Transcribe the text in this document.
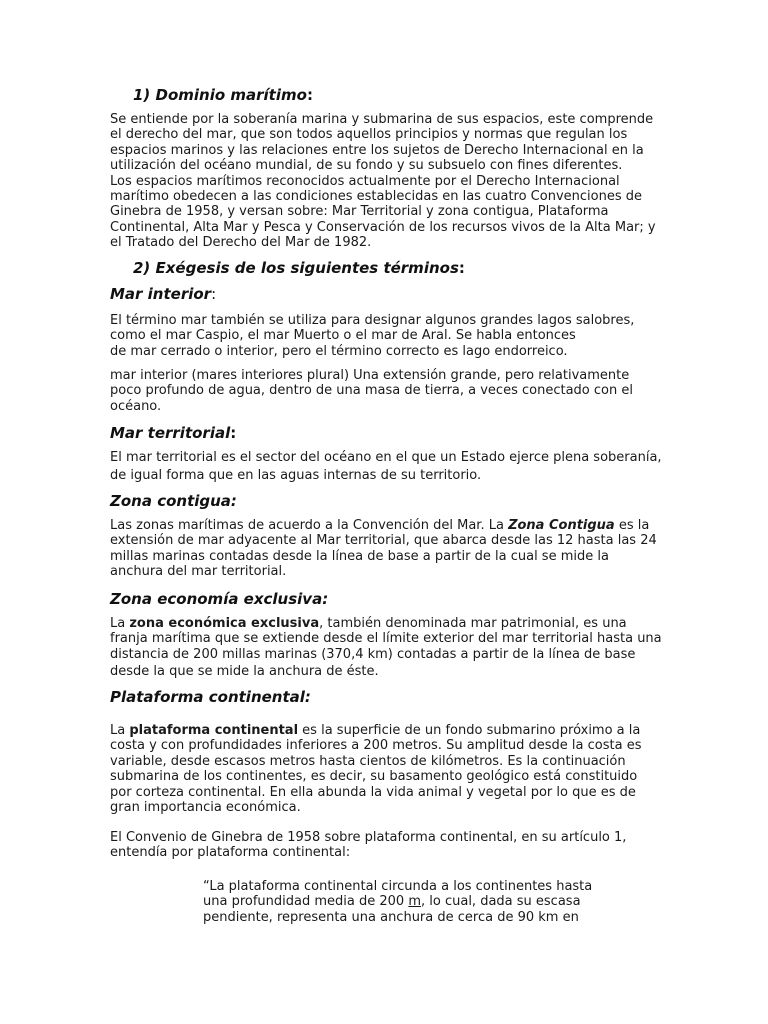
1) Dominio marítimo:
Se entiende por la soberanía marina y submarina de sus espacios, este comprende
el derecho del mar, que son todos aquellos principios y normas que regulan los
espacios marinos y las relaciones entre los sujetos de Derecho Internacional en la
utilización del océano mundial, de su fondo y su subsuelo con fines diferentes.
Los espacios marítimos reconocidos actualmente por el Derecho Internacional
marítimo obedecen a las condiciones establecidas en las cuatro Convenciones de
Ginebra de 1958, y versan sobre: Mar Territorial y zona contigua, Plataforma
Continental, Alta Mar y Pesca y Conservación de los recursos vivos de la Alta Mar; y
el Tratado del Derecho del Mar de 1982.
2) Exégesis de los siguientes términos:
Mar interior:
El término mar también se utiliza para designar algunos grandes lagos salobres,
como el mar Caspio, el mar Muerto o el mar de Aral. Se habla entonces
de mar cerrado o interior, pero el término correcto es lago endorreico.
mar interior (mares interiores plural) Una extensión grande, pero relativamente
poco profundo de agua, dentro de una masa de tierra, a veces conectado con el
océano.
Mar territorial:
El mar territorial es el sector del océano en el que un Estado ejerce plena soberanía,
de igual forma que en las aguas internas de su territorio.
Zona contigua:
Las zonas marítimas de acuerdo a la Convención del Mar. La Zona Contigua es la
extensión de mar adyacente al Mar territorial, que abarca desde las 12 hasta las 24
millas marinas contadas desde la línea de base a partir de la cual se mide la
anchura del mar territorial.
Zona economía exclusiva:
La zona económica exclusiva, también denominada mar patrimonial, es una
franja marítima que se extiende desde el límite exterior del mar territorial hasta una
distancia de 200 millas marinas (370,4 km) contadas a partir de la línea de base
desde la que se mide la anchura de éste.
Plataforma continental:
La plataforma continental es la superficie de un fondo submarino próximo a la
costa y con profundidades inferiores a 200 metros. Su amplitud desde la costa es
variable, desde escasos metros hasta cientos de kilómetros. Es la continuación
submarina de los continentes, es decir, su basamento geológico está constituido
por corteza continental. En ella abunda la vida animal y vegetal por lo que es de
gran importancia económica.
El Convenio de Ginebra de 1958 sobre plataforma continental, en su artículo 1,
entendía por plataforma continental:
“La plataforma continental circunda a los continentes hasta
una profundidad media de 200 m, lo cual, dada su escasa
pendiente, representa una anchura de cerca de 90 km en
